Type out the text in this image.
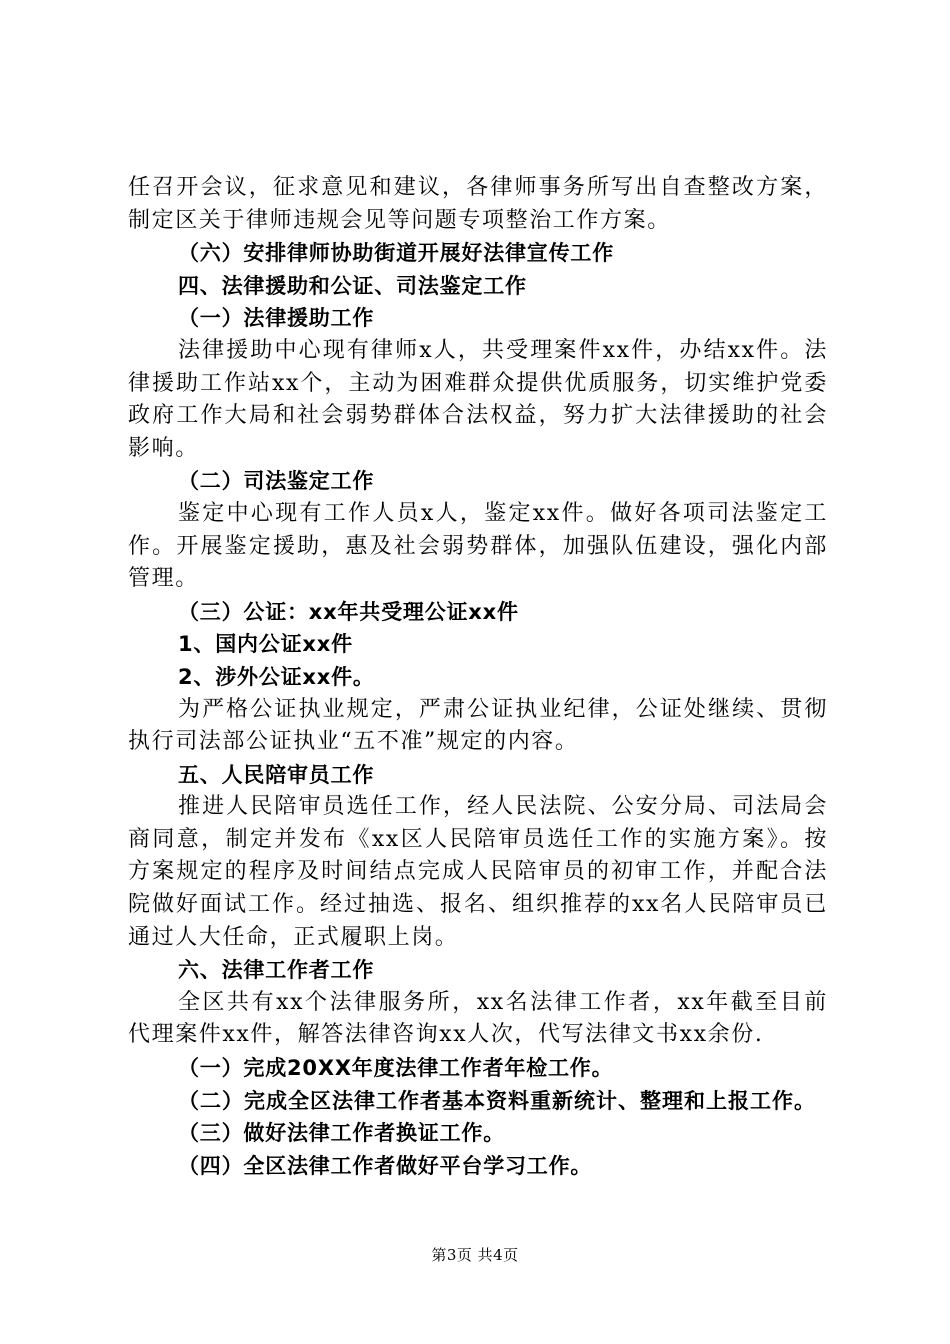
任召开会议，征求意见和建议，各律师事务所写出自查整改方案，制定区关于律师违规会见等问题专项整治工作方案。

（六）安排律师协助街道开展好法律宣传工作

四、法律援助和公证、司法鉴定工作

（一）法律援助工作

法律援助中心现有律师x人，共受理案件xx件，办结xx件。法律援助工作站xx个，主动为困难群众提供优质服务，切实维护党委政府工作大局和社会弱势群体合法权益，努力扩大法律援助的社会影响。

（二）司法鉴定工作

鉴定中心现有工作人员x人，鉴定xx件。做好各项司法鉴定工作。开展鉴定援助，惠及社会弱势群体，加强队伍建设，强化内部管理。

（三）公证：xx年共受理公证xx件

1、国内公证xx件

2、涉外公证xx件。

为严格公证执业规定，严肃公证执业纪律，公证处继续、贯彻执行司法部公证执业“五不准”规定的内容。

五、人民陪审员工作

推进人民陪审员选任工作，经人民法院、公安分局、司法局会商同意，制定并发布《xx区人民陪审员选任工作的实施方案》。按方案规定的程序及时间结点完成人民陪审员的初审工作，并配合法院做好面试工作。经过抽选、报名、组织推荐的xx名人民陪审员已通过人大任命，正式履职上岗。

六、法律工作者工作

全区共有xx个法律服务所，xx名法律工作者，xx年截至目前代理案件xx件，解答法律咨询xx人次，代写法律文书xx余份.

（一）完成20XX年度法律工作者年检工作。

（二）完成全区法律工作者基本资料重新统计、整理和上报工作。

（三）做好法律工作者换证工作。

（四）全区法律工作者做好平台学习工作。

第3页 共4页
